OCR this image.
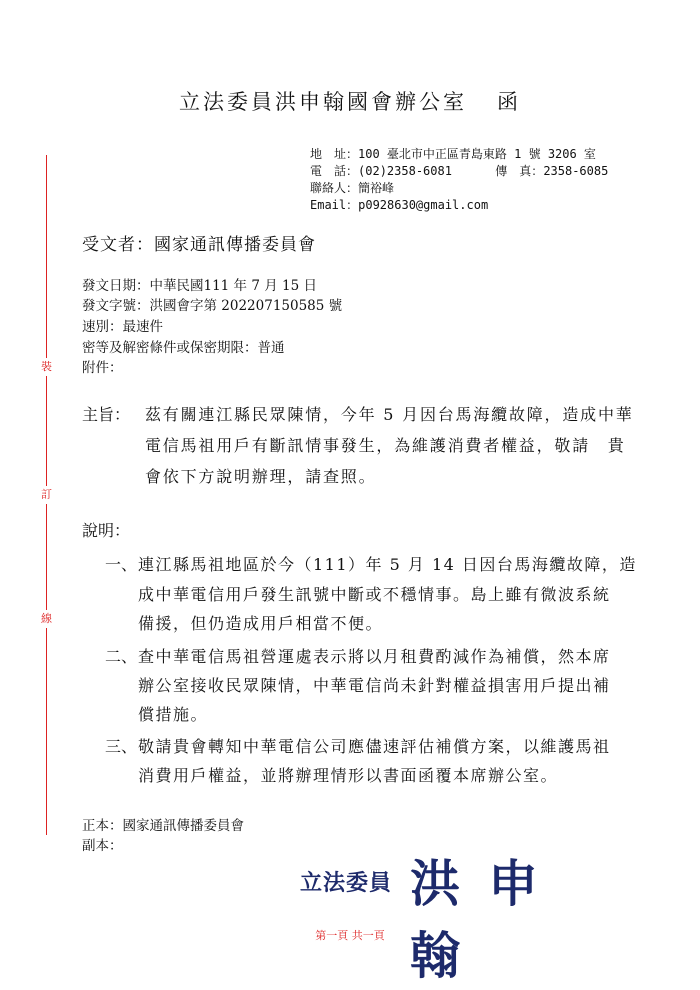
裝
訂
線
立法委員洪申翰國會辦公室 函
地　址：100 臺北市中正區青島東路 1 號 3206 室
電　話：(02)2358-6081	傳　真：2358-6085
聯絡人：簡裕峰
Email：p0928630@gmail.com
受文者：國家通訊傳播委員會
發文日期：中華民國111 年 7 月 15 日
發文字號：洪國會字第 202207150585 號
速別：最速件
密等及解密條件或保密期限：普通
附件：
主旨： 茲有關連江縣民眾陳情，今年 5 月因台馬海纜故障，造成中華
電信馬祖用戶有斷訊情事發生，為維護消費者權益，敬請　貴
會依下方說明辦理，請查照。
說明：
一、 連江縣馬祖地區於今（111）年 5 月 14 日因台馬海纜故障，造
成中華電信用戶發生訊號中斷或不穩情事。島上雖有微波系統
備援，但仍造成用戶相當不便。
二、 查中華電信馬祖營運處表示將以月租費酌減作為補償，然本席
辦公室接收民眾陳情，中華電信尚未針對權益損害用戶提出補
償措施。
三、 敬請貴會轉知中華電信公司應儘速評估補償方案，以維護馬祖
消費用戶權益，並將辦理情形以書面函覆本席辦公室。
正本：國家通訊傳播委員會
副本：
立法委員 洪申翰
第一頁 共一頁
